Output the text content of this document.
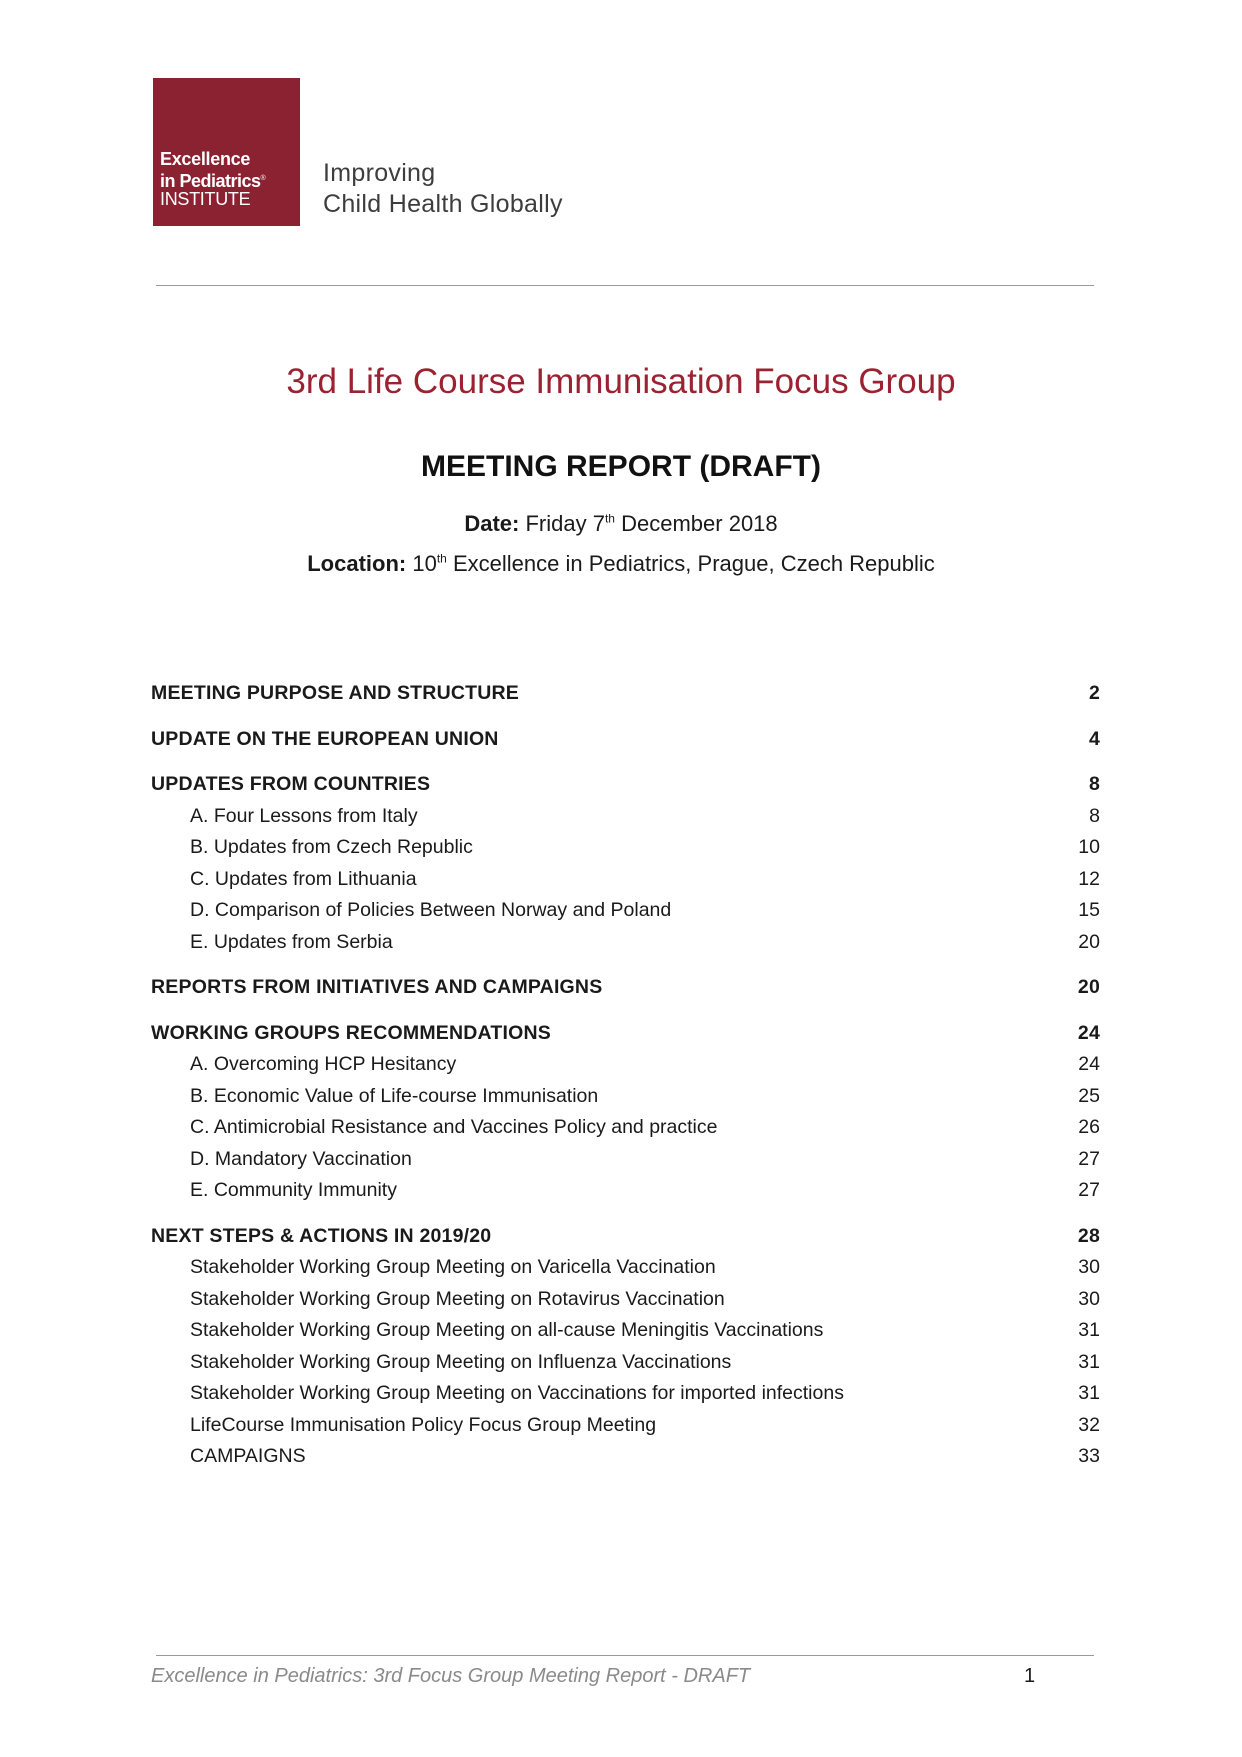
Excellence
in Pediatrics®
INSTITUTE
Improving
Child Health Globally
3rd Life Course Immunisation Focus Group
MEETING REPORT (DRAFT)
Date: Friday 7th December 2018
Location: 10th Excellence in Pediatrics, Prague, Czech Republic
MEETING PURPOSE AND STRUCTURE	2
UPDATE ON THE EUROPEAN UNION	4
UPDATES FROM COUNTRIES	8
A. Four Lessons from Italy	8
B. Updates from Czech Republic	10
C. Updates from Lithuania	12
D. Comparison of Policies Between Norway and Poland	15
E. Updates from Serbia	20
REPORTS FROM INITIATIVES AND CAMPAIGNS	20
WORKING GROUPS RECOMMENDATIONS	24
A. Overcoming HCP Hesitancy	24
B. Economic Value of Life-course Immunisation	25
C. Antimicrobial Resistance and Vaccines Policy and practice	26
D. Mandatory Vaccination	27
E. Community Immunity	27
NEXT STEPS & ACTIONS IN 2019/20	28
Stakeholder Working Group Meeting on Varicella Vaccination	30
Stakeholder Working Group Meeting on Rotavirus Vaccination	30
Stakeholder Working Group Meeting on all-cause Meningitis Vaccinations	31
Stakeholder Working Group Meeting on Influenza Vaccinations	31
Stakeholder Working Group Meeting on Vaccinations for imported infections	31
LifeCourse Immunisation Policy Focus Group Meeting	32
CAMPAIGNS	33
Excellence in Pediatrics: 3rd Focus Group Meeting Report - DRAFT	1
